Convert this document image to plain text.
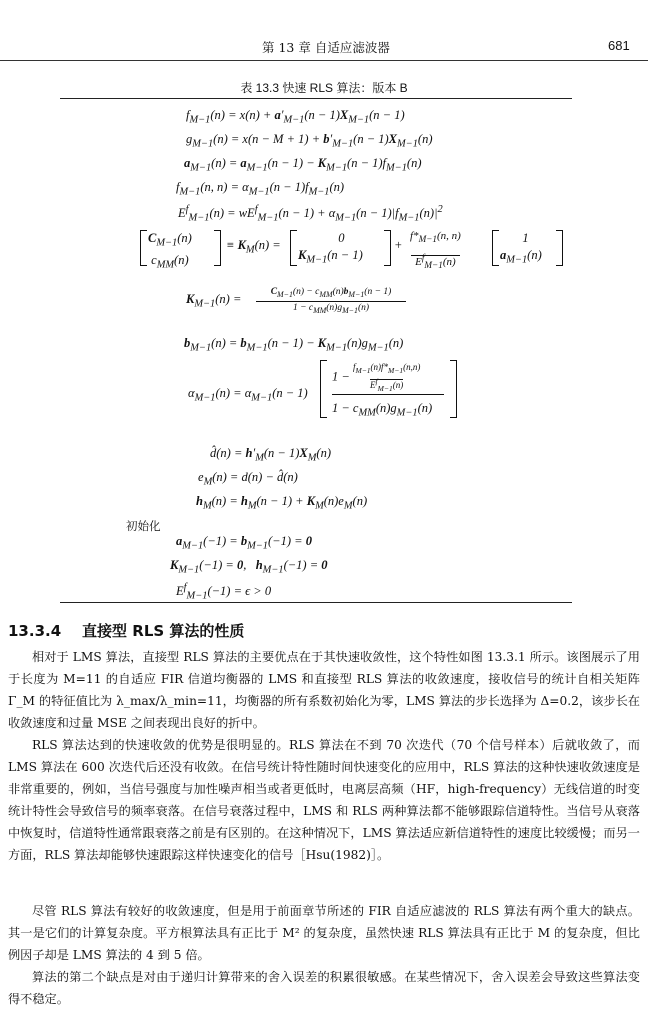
第 13 章 自适应滤波器	681
表 13.3 快速 RLS 算法：版本 B
$f_{M-1}(n) = x(n) + a'_{M-1}(n - 1)X_{M-1}(n - 1)$
$g_{M-1}(n) = x(n - M + 1) + b'_{M-1}(n - 1)X_{M-1}(n)$
$a_{M-1}(n) = a_{M-1}(n - 1) - K_{M-1}(n - 1)f_{M-1}(n)$
$f_{M-1}(n$, $n) = \alpha_{M-1}(n - 1)f_{M-1}(n)$
$E^f_{M-1}(n) = wE^f_{M-1}(n - 1) + \alpha_{M-1}(n - 1)|f_{M-1}(n)|^2$
$C_{M-1}(n)$
$c_{MM}(n)$
≡ $K_M(n)$ =	0
$K_{M-1}(n - 1)$
+
$f*_{M-1}(n$, n)
$E^f_{M-1}(n)$
1
$a_{M-1}(n)$
$K_{M-1}(n)$ =	$C_{M-1}(n) - c_{MM}(n)b_{M-1}(n - 1)$
$1 - c_{MM}(n)g_{M-1}(n)$
$b_{M-1}(n) = b_{M-1}(n - 1) - K_{M-1}(n)g_{M-1}(n)$
$\alpha_{M-1}(n) = \alpha_{M-1}(n - 1)$
$1 - f_{M-1}(n)f*_{M-1}(n,n)$
$E^f_{M-1}(n)$
$1 - c_{MM}(n)g_{M-1}(n)$
d̂(n) = $h'_M(n - 1)X_M(n)$
$e_M(n) = d(n)$ − d̂(n)
$h_M(n) = h_M(n - 1) + K_M(n)e_M(n)$
初始化
$a_{M-1}(-1) = b_{M-1}(-1) = 0$
$K_{M-1}(-1) = 0$,   $h_{M-1}(-1) = 0$
$E^f_{M-1}(-1) = \epsilon > 0$
13.3.4 直接型 RLS 算法的性质
相对于 LMS 算法，直接型 RLS 算法的主要优点在于其快速收敛性，这个特性如图 13.3.1 所示。该图展示了用于长度为 M=11 的自适应 FIR 信道均衡器的 LMS 和直接型 RLS 算法的收敛速度，接收信号的统计自相关矩阵 Γ_M 的特征值比为 λ_max/λ_min=11，均衡器的所有系数初始化为零，LMS 算法的步长选择为 Δ=0.2，该步长在收敛速度和过量 MSE 之间表现出良好的折中。
RLS 算法达到的快速收敛的优势是很明显的。RLS 算法在不到 70 次迭代（70 个信号样本）后就收敛了，而 LMS 算法在 600 次迭代后还没有收敛。在信号统计特性随时间快速变化的应用中，RLS 算法的这种快速收敛速度是非常重要的，例如，当信号强度与加性噪声相当或者更低时，电离层高频（HF，high-frequency）无线信道的时变统计特性会导致信号的频率衰落。在信号衰落过程中，LMS 和 RLS 两种算法都不能够跟踪信道特性。当信号从衰落中恢复时，信道特性通常跟衰落之前是有区别的。在这种情况下，LMS 算法适应新信道特性的速度比较缓慢；而另一方面，RLS 算法却能够快速跟踪这样快速变化的信号［Hsu(1982)］。
尽管 RLS 算法有较好的收敛速度，但是用于前面章节所述的 FIR 自适应滤波的 RLS 算法有两个重大的缺点。其一是它们的计算复杂度。平方根算法具有正比于 M² 的复杂度，虽然快速 RLS 算法具有正比于 M 的复杂度，但比例因子却是 LMS 算法的 4 到 5 倍。
算法的第二个缺点是对由于递归计算带来的舍入误差的积累很敏感。在某些情况下，舍入误差会导致这些算法变得不稳定。
